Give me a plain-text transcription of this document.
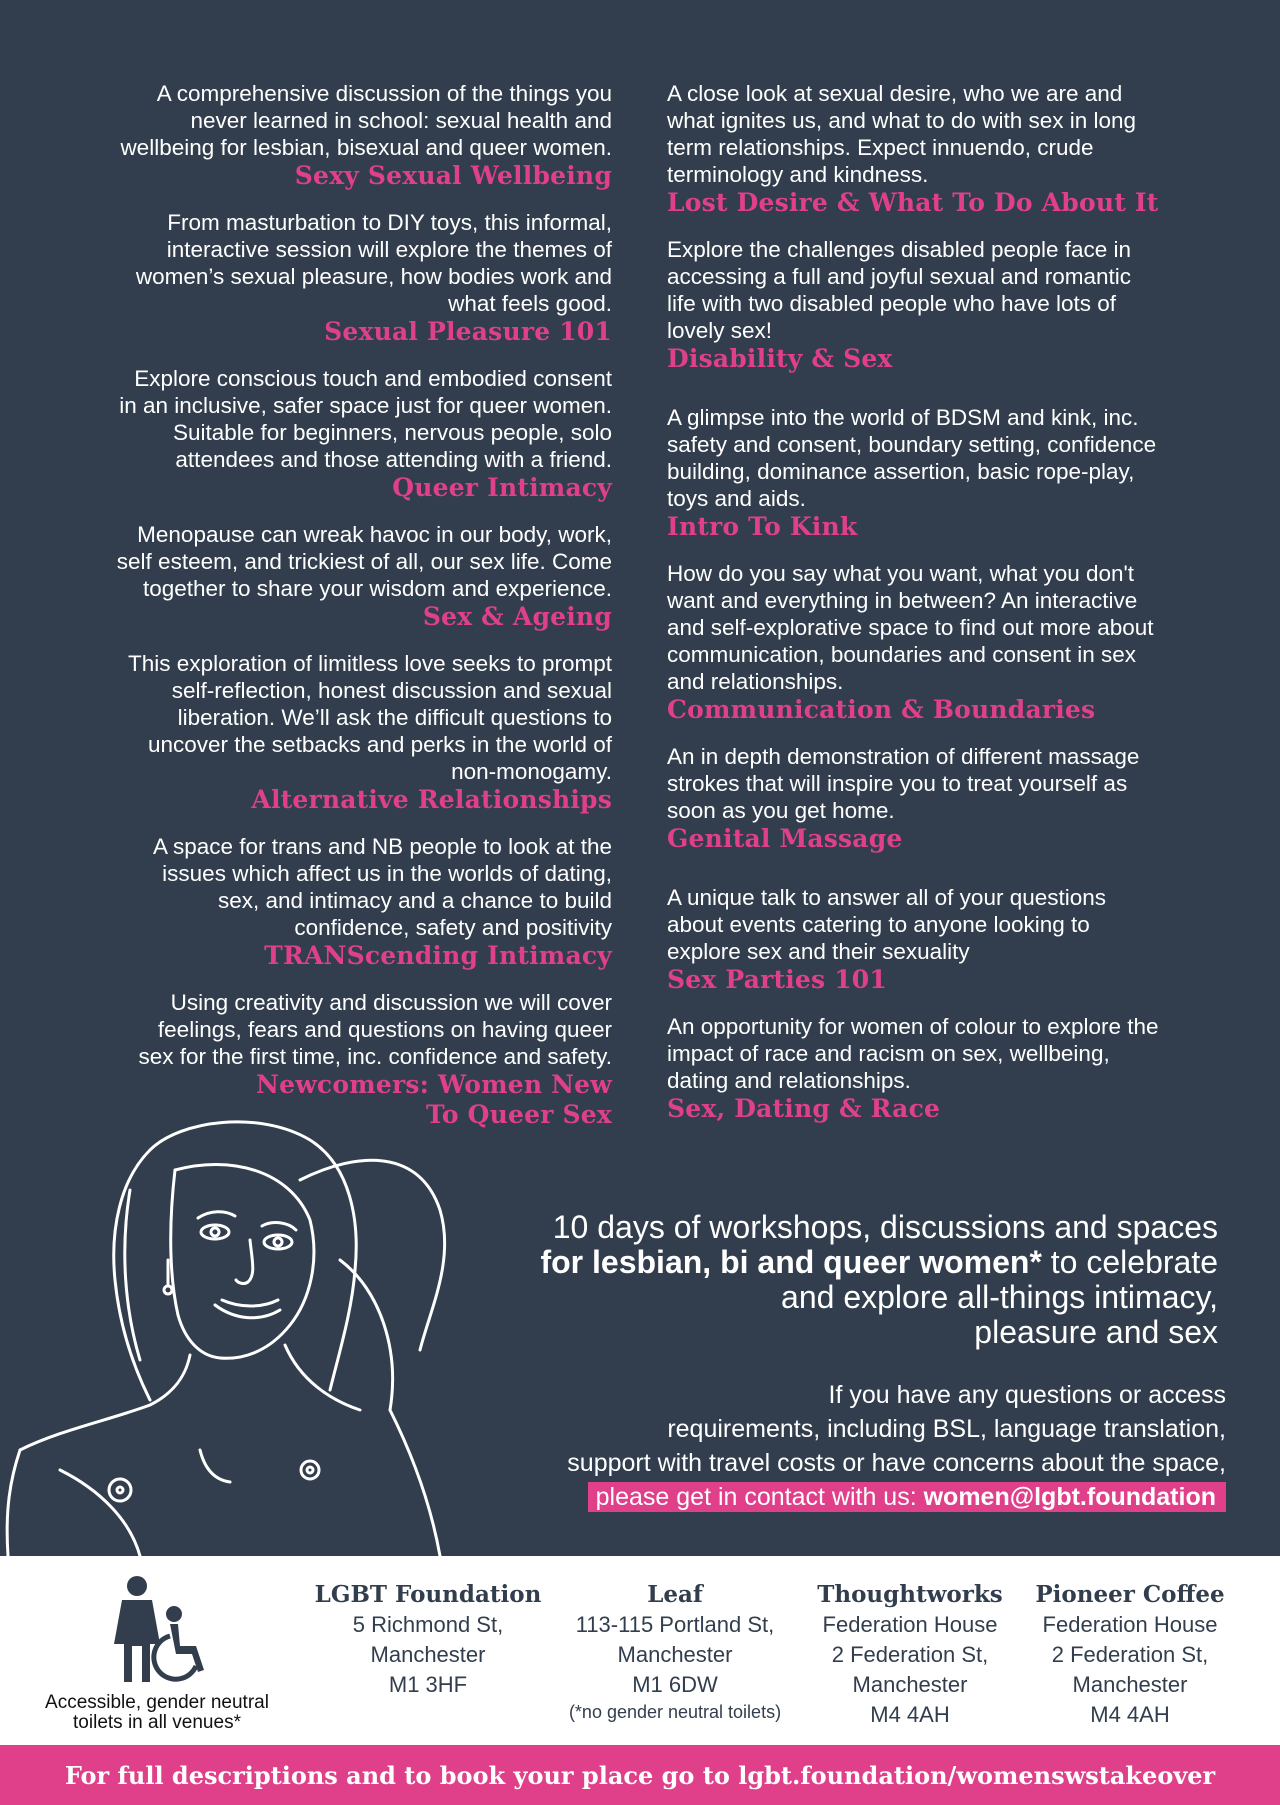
A comprehensive discussion of the things you
never learned in school: sexual health and
wellbeing for lesbian, bisexual and queer women.
Sexy Sexual Wellbeing
From masturbation to DIY toys, this informal,
interactive session will explore the themes of
women’s sexual pleasure, how bodies work and
what feels good.
Sexual Pleasure 101
Explore conscious touch and embodied consent
in an inclusive, safer space just for queer women.
Suitable for beginners, nervous people, solo
attendees and those attending with a friend.
Queer Intimacy
Menopause can wreak havoc in our body, work,
self esteem, and trickiest of all, our sex life. Come
together to share your wisdom and experience.
Sex & Ageing
This exploration of limitless love seeks to prompt
self-reflection, honest discussion and sexual
liberation. We’ll ask the difficult questions to
uncover the setbacks and perks in the world of
non-monogamy.
Alternative Relationships
A space for trans and NB people to look at the
issues which affect us in the worlds of dating,
sex, and intimacy and a chance to build
confidence, safety and positivity
TRANScending Intimacy
Using creativity and discussion we will cover
feelings, fears and questions on having queer
sex for the first time, inc. confidence and safety.
Newcomers: Women New
To Queer Sex
A close look at sexual desire, who we are and
what ignites us, and what to do with sex in long
term relationships. Expect innuendo, crude
terminology and kindness.
Lost Desire & What To Do About It
Explore the challenges disabled people face in
accessing a full and joyful sexual and romantic
life with two disabled people who have lots of
lovely sex!
Disability & Sex
A glimpse into the world of BDSM and kink, inc.
safety and consent, boundary setting, confidence
building, dominance assertion, basic rope-play,
toys and aids.
Intro To Kink
How do you say what you want, what you don't
want and everything in between? An interactive
and self-explorative space to find out more about
communication, boundaries and consent in sex
and relationships.
Communication & Boundaries
An in depth demonstration of different massage
strokes that will inspire you to treat yourself as
soon as you get home.
Genital Massage
A unique talk to answer all of your questions
about events catering to anyone looking to
explore sex and their sexuality
Sex Parties 101
An opportunity for women of colour to explore the
impact of race and racism on sex, wellbeing,
dating and relationships.
Sex, Dating & Race
10 days of workshops, discussions and spaces
for lesbian, bi and queer women* to celebrate
and explore all-things intimacy,
pleasure and sex
If you have any questions or access
requirements, including BSL, language translation,
support with travel costs or have concerns about the space,
please get in contact with us: women@lgbt.foundation
Accessible, gender neutral
toilets in all venues*
LGBT Foundation
5 Richmond St,
Manchester
M1 3HF
Leaf
113-115 Portland St,
Manchester
M1 6DW
(*no gender neutral toilets)
Thoughtworks
Federation House
2 Federation St,
Manchester
M4 4AH
Pioneer Coffee
Federation House
2 Federation St,
Manchester
M4 4AH
For full descriptions and to book your place go to lgbt.foundation/womenswstakeover
